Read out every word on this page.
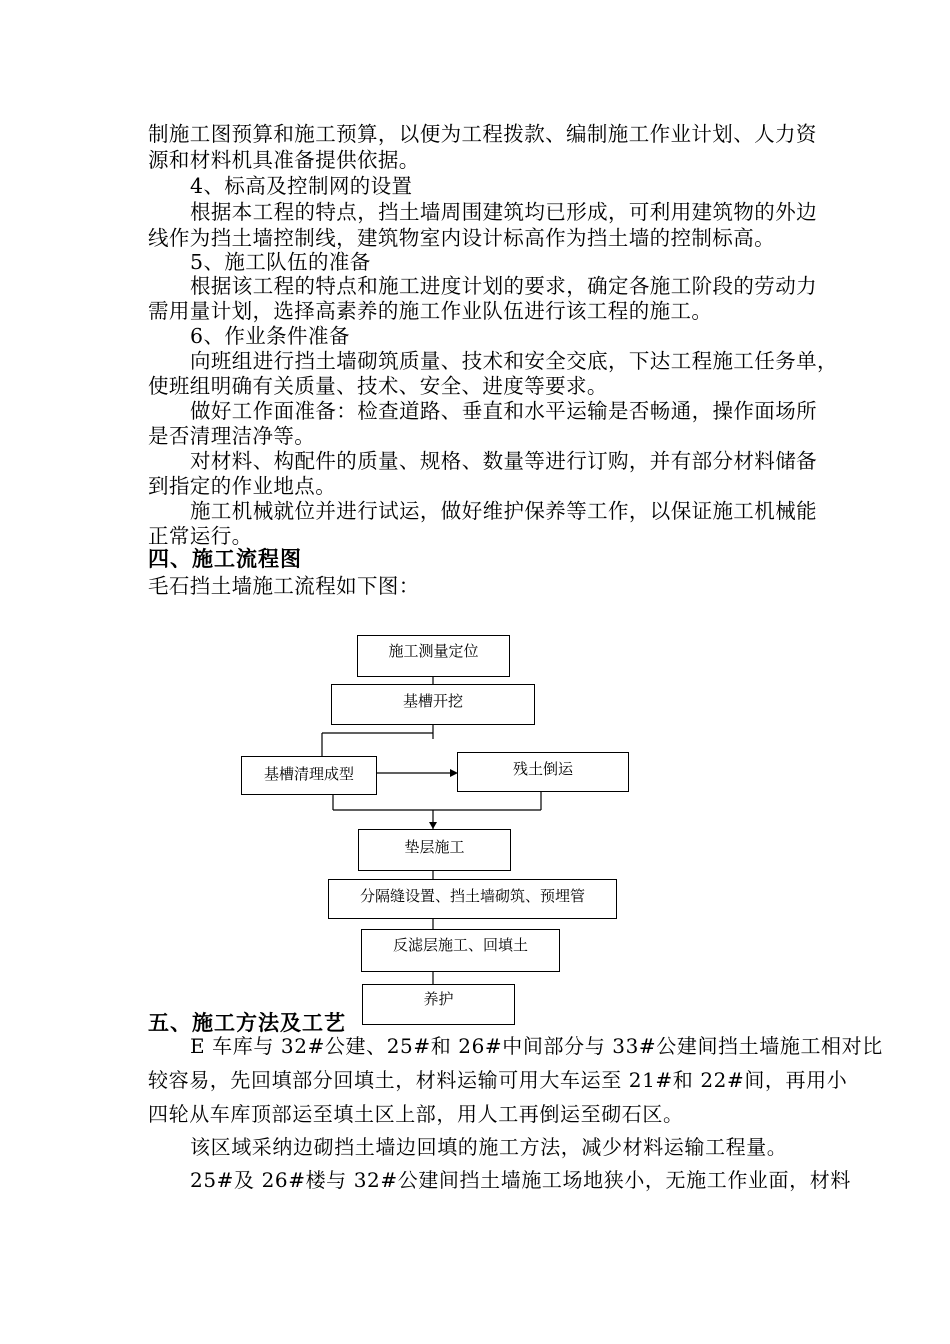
制施工图预算和施工预算，以便为工程拨款、编制施工作业计划、人力资
源和材料机具准备提供依据。
4、标高及控制网的设置
根据本工程的特点，挡土墙周围建筑均已形成，可利用建筑物的外边
线作为挡土墙控制线，建筑物室内设计标高作为挡土墙的控制标高。
5、施工队伍的准备
根据该工程的特点和施工进度计划的要求，确定各施工阶段的劳动力
需用量计划，选择高素养的施工作业队伍进行该工程的施工。
6、作业条件准备
向班组进行挡土墙砌筑质量、技术和安全交底，下达工程施工任务单，
使班组明确有关质量、技术、安全、进度等要求。
做好工作面准备：检查道路、垂直和水平运输是否畅通，操作面场所
是否清理洁净等。
对材料、构配件的质量、规格、数量等进行订购，并有部分材料储备
到指定的作业地点。
施工机械就位并进行试运，做好维护保养等工作，以保证施工机械能
正常运行。
四、施工流程图
毛石挡土墙施工流程如下图：
施工测量定位
基槽开挖
基槽清理成型	残土倒运
垫层施工
分隔缝设置、挡土墙砌筑、预埋管
反滤层施工、回填土
养护
五、施工方法及工艺
E 车库与 32#公建、25#和 26#中间部分与 33#公建间挡土墙施工相对比
较容易，先回填部分回填土，材料运输可用大车运至 21#和 22#间，再用小
四轮从车库顶部运至填土区上部，用人工再倒运至砌石区。
该区域采纳边砌挡土墙边回填的施工方法，减少材料运输工程量。
25#及 26#楼与 32#公建间挡土墙施工场地狭小，无施工作业面，材料
